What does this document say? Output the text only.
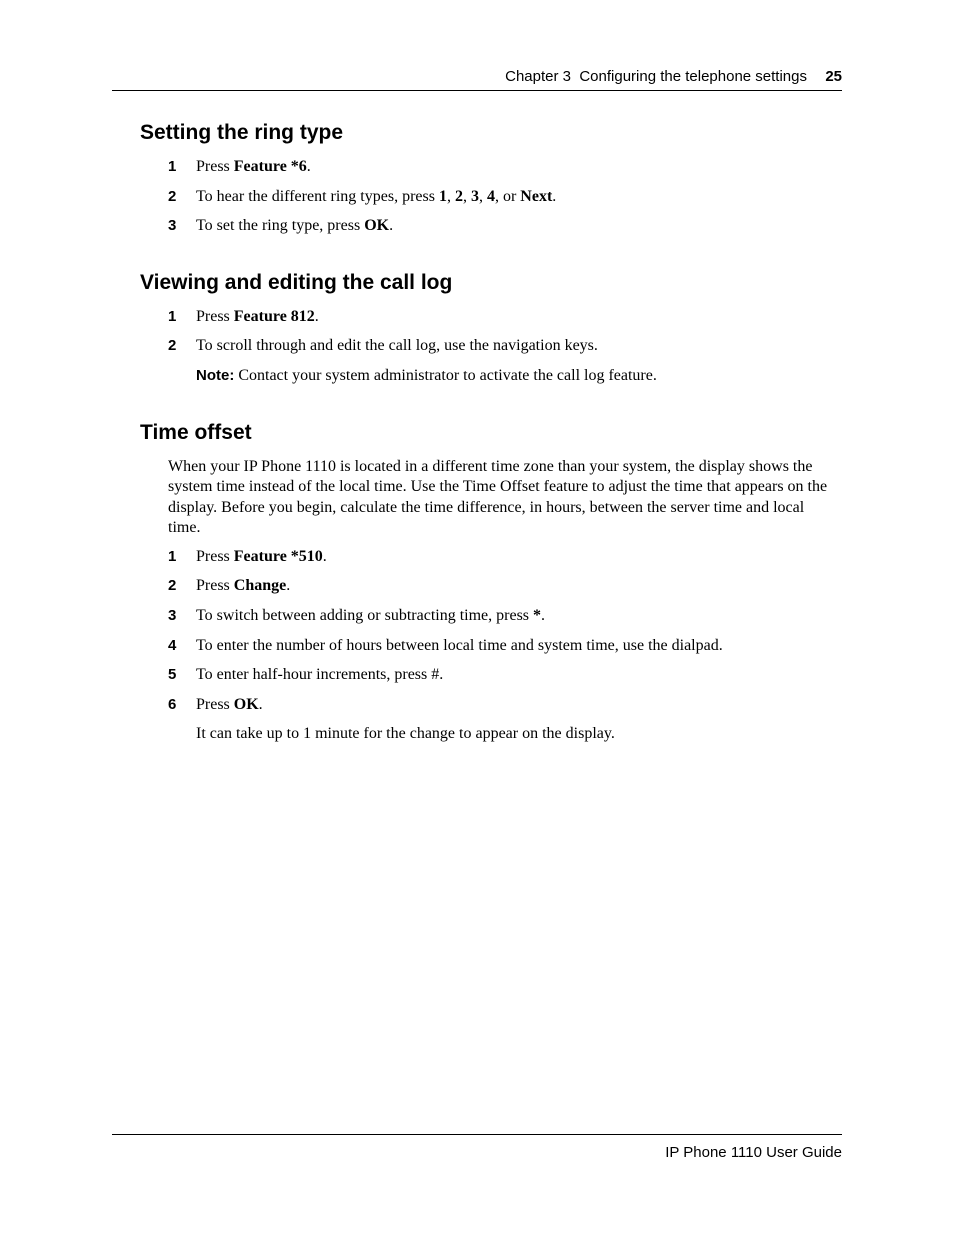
Chapter 3  Configuring the telephone settings 25
Setting the ring type
1 Press Feature *6.
2 To hear the different ring types, press 1, 2, 3, 4, or Next.
3 To set the ring type, press OK.
Viewing and editing the call log
1 Press Feature 812.
2 To scroll through and edit the call log, use the navigation keys.
Note: Contact your system administrator to activate the call log feature.
Time offset

When your IP Phone 1110 is located in a different time zone than your system, the display shows the system time instead of the local time. Use the Time Offset feature to adjust the time that appears on the display. Before you begin, calculate the time difference, in hours, between the server time and local time.

1 Press Feature *510.
2 Press Change.
3 To switch between adding or subtracting time, press *.
4 To enter the number of hours between local time and system time, use the dialpad.
5 To enter half-hour increments, press #.
6 Press OK.
It can take up to 1 minute for the change to appear on the display.
IP Phone 1110 User Guide
